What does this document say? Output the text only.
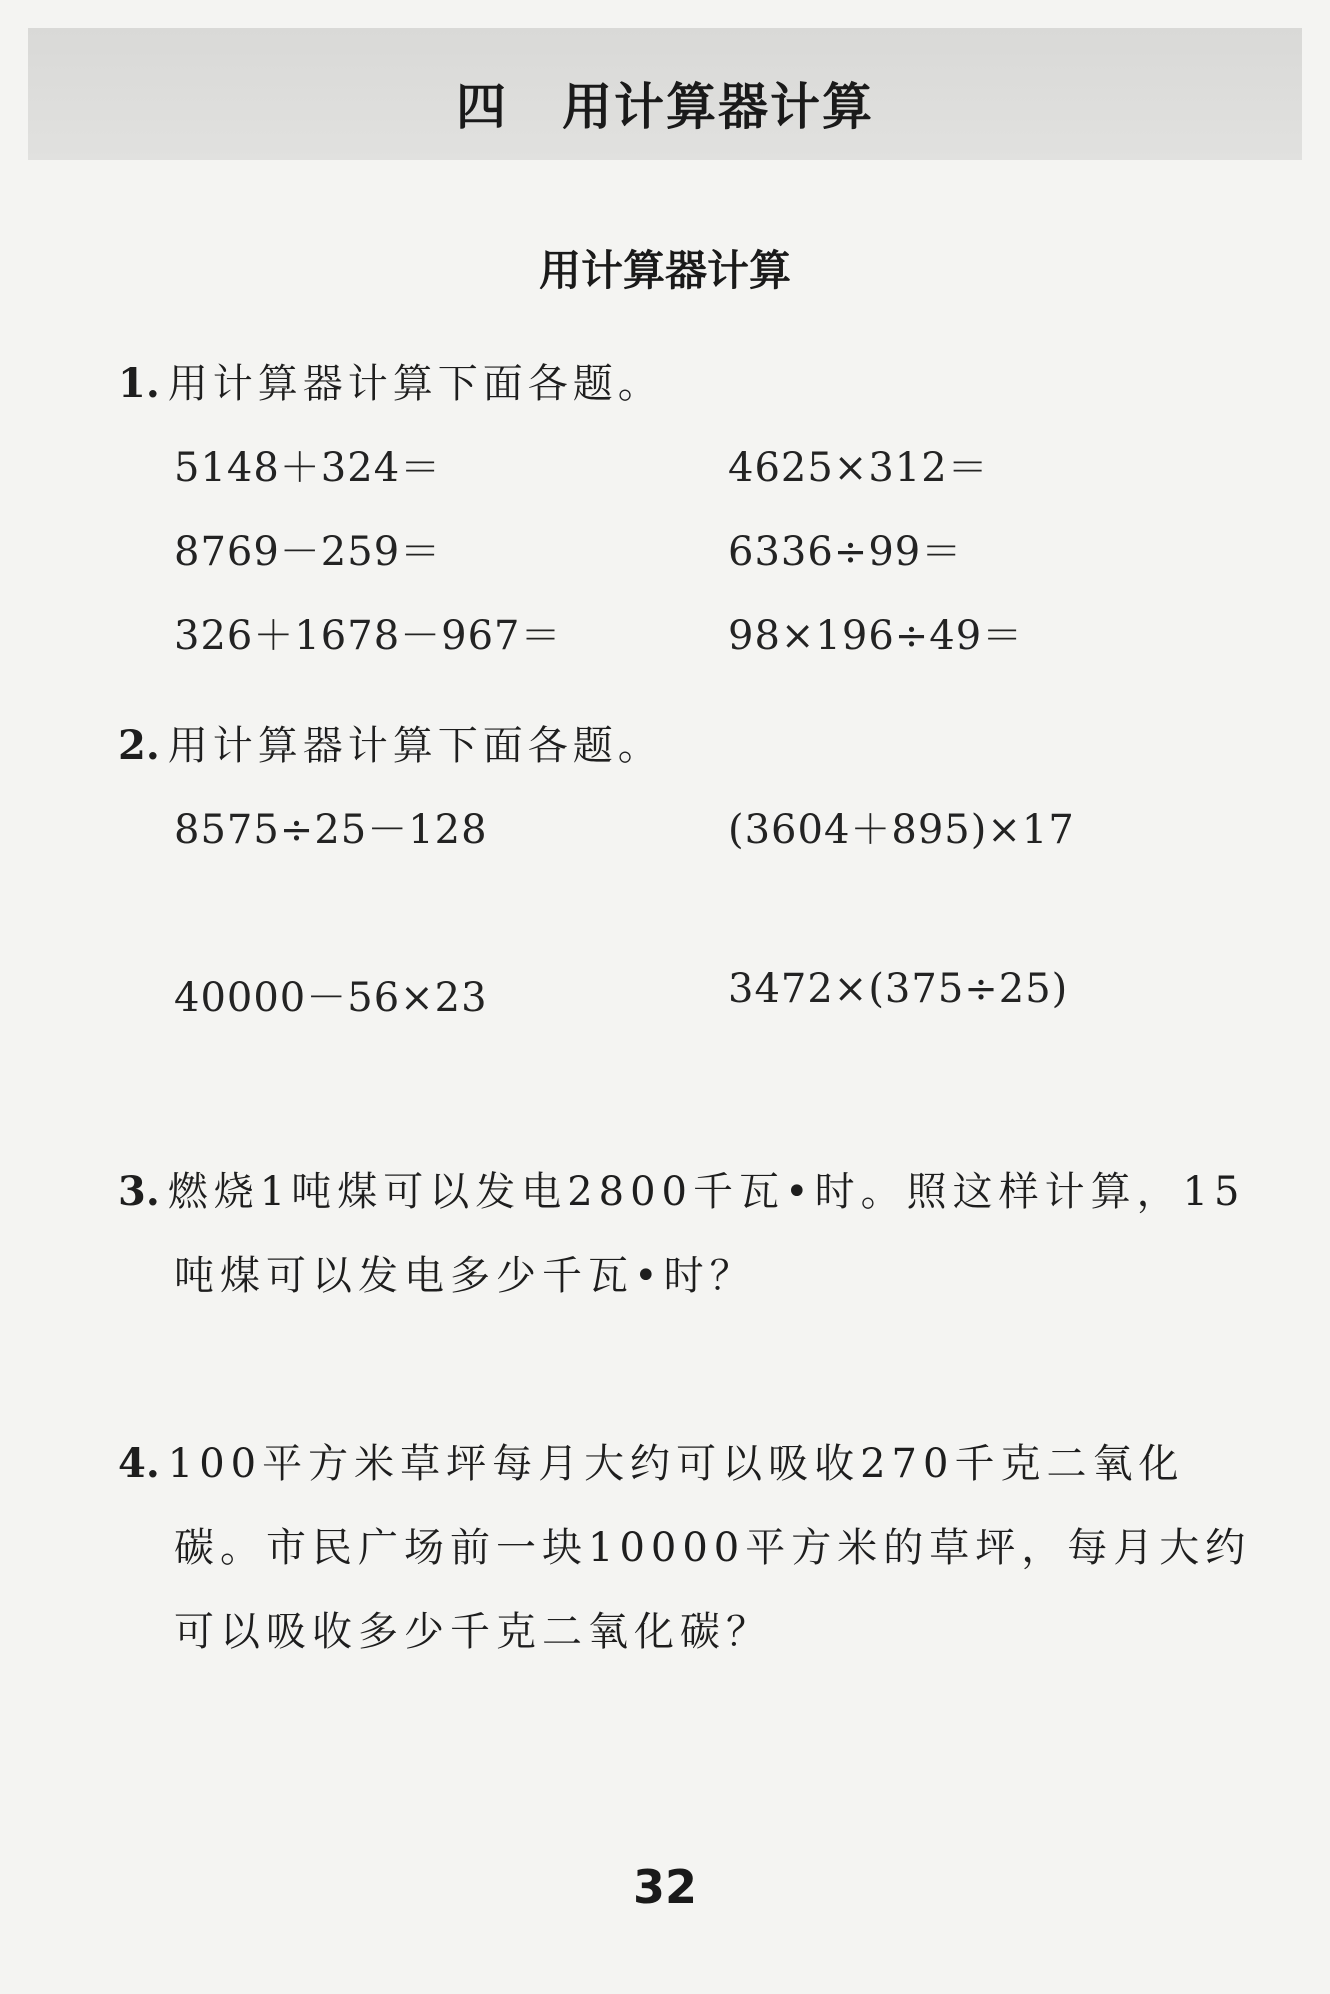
四 用计算器计算
用计算器计算
1. 用计算器计算下面各题。
5148＋324＝	4625×312＝
8769－259＝	6336÷99＝
326＋1678－967＝	98×196÷49＝
2. 用计算器计算下面各题。
8575÷25－128	(3604＋895)×17
40000－56×23	3472×(375÷25)
3. 燃烧1吨煤可以发电2800千瓦•时。照这样计算，15
吨煤可以发电多少千瓦•时？
4. 100平方米草坪每月大约可以吸收270千克二氧化
碳。市民广场前一块10000平方米的草坪，每月大约
可以吸收多少千克二氧化碳？
32
